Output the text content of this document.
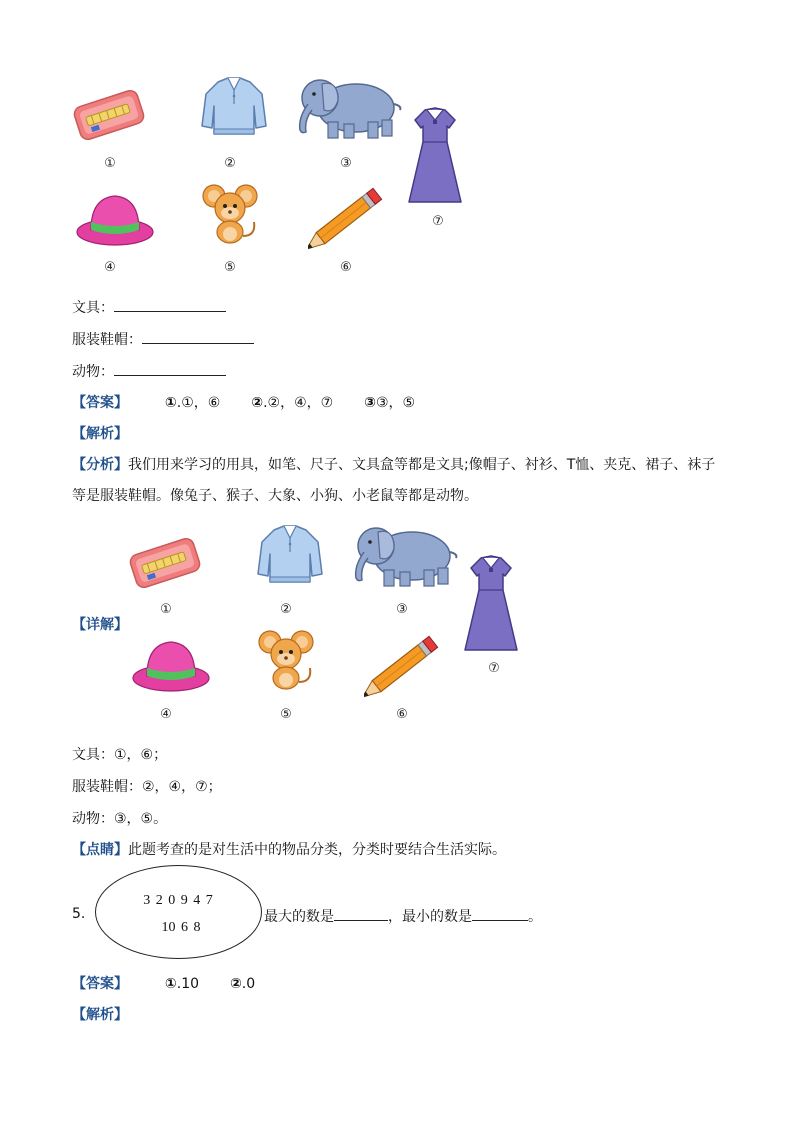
①	②	③
⑦
④	⑤	⑥
文具：
服装鞋帽：
动物：
【答案】	①.①，⑥ ②.②，④，⑦ ③③，⑤
【解析】
【分析】我们用来学习的用具，如笔、尺子、文具盒等都是文具;像帽子、衬衫、T恤、夹克、裙子、袜子
等是服装鞋帽。像兔子、猴子、大象、小狗、小老鼠等都是动物。
【详解】
①	②	③
⑦
④	⑤	⑥
文具：①，⑥；
服装鞋帽：②，④，⑦；
动物：③，⑤。
【点睛】此题考查的是对生活中的物品分类，分类时要结合生活实际。
5.
3 2 0 9 4 7
10 6 8
最大的数是	，最小的数是	。
【答案】	①.10 ②.0
【解析】
